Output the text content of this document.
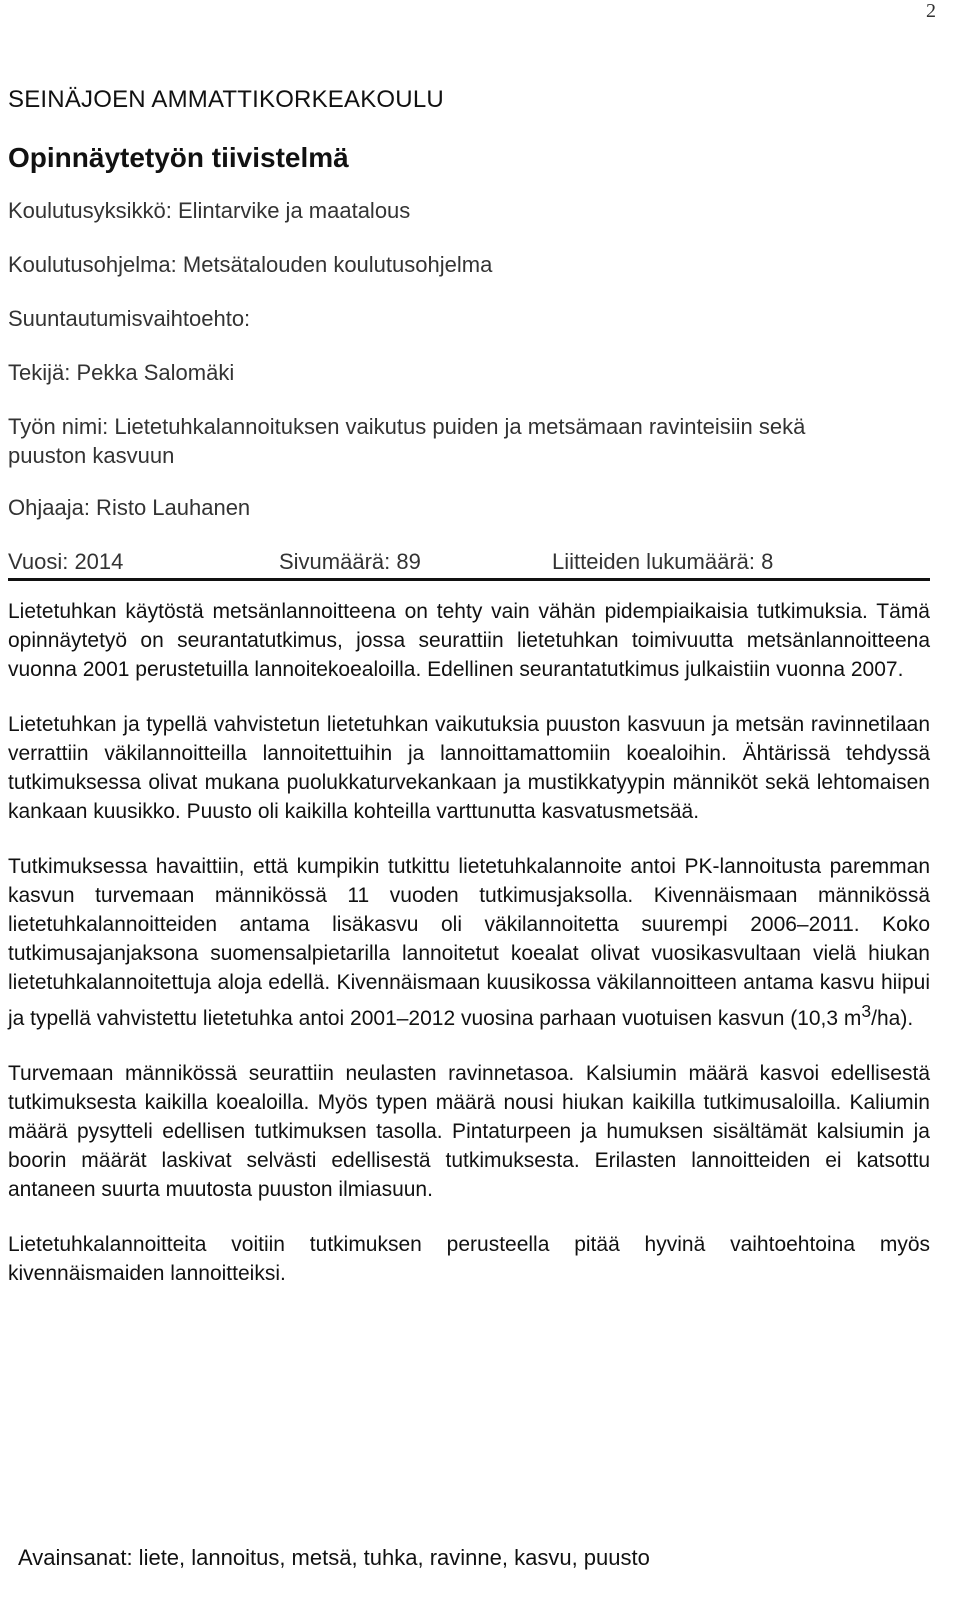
2
SEINÄJOEN AMMATTIKORKEAKOULU
Opinnäytetyön tiivistelmä
Koulutusyksikkö: Elintarvike ja maatalous
Koulutusohjelma: Metsätalouden koulutusohjelma
Suuntautumisvaihtoehto:
Tekijä: Pekka Salomäki
Työn nimi: Lietetuhkalannoituksen vaikutus puiden ja metsämaan ravinteisiin sekä
puuston kasvuun
Ohjaaja: Risto Lauhanen
Vuosi: 2014	Sivumäärä: 89	Liitteiden lukumäärä: 8

Lietetuhkan käytöstä metsänlannoitteena on tehty vain vähän pidempiaikaisia tutkimuksia. Tämä opinnäytetyö on seurantatutkimus, jossa seurattiin lietetuhkan toimivuutta metsänlannoitteena vuonna 2001 perustetuilla lannoitekoealoilla. Edellinen seurantatutkimus julkaistiin vuonna 2007.

Lietetuhkan ja typellä vahvistetun lietetuhkan vaikutuksia puuston kasvuun ja metsän ravinnetilaan verrattiin väkilannoitteilla lannoitettuihin ja lannoittamattomiin koealoihin. Ähtärissä tehdyssä tutkimuksessa olivat mukana puolukkaturvekankaan ja mustikkatyypin männiköt sekä lehtomaisen kankaan kuusikko. Puusto oli kaikilla kohteilla varttunutta kasvatusmetsää.

Tutkimuksessa havaittiin, että kumpikin tutkittu lietetuhkalannoite antoi PK-lannoitusta paremman kasvun turvemaan männikössä 11 vuoden tutkimusjaksolla. Kivennäismaan männikössä lietetuhkalannoitteiden antama lisäkasvu oli väkilannoitetta suurempi 2006–2011. Koko tutkimusajanjaksona suomensalpietarilla lannoitetut koealat olivat vuosikasvultaan vielä hiukan lietetuhkalannoitettuja aloja edellä. Kivennäismaan kuusikossa väkilannoitteen antama kasvu hiipui ja typellä vahvistettu lietetuhka antoi 2001–2012 vuosina parhaan vuotuisen kasvun (10,3 $m^3/ha$).

Turvemaan männikössä seurattiin neulasten ravinnetasoa. Kalsiumin määrä kasvoi edellisestä tutkimuksesta kaikilla koealoilla. Myös typen määrä nousi hiukan kaikilla tutkimusaloilla. Kaliumin määrä pysytteli edellisen tutkimuksen tasolla. Pintaturpeen ja humuksen sisältämät kalsiumin ja boorin määrät laskivat selvästi edellisestä tutkimuksesta. Erilasten lannoitteiden ei katsottu antaneen suurta muutosta puuston ilmiasuun.

Lietetuhkalannoitteita voitiin tutkimuksen perusteella pitää hyvinä vaihtoehtoina myös kivennäismaiden lannoitteiksi.

Avainsanat: liete, lannoitus, metsä, tuhka, ravinne, kasvu, puusto
